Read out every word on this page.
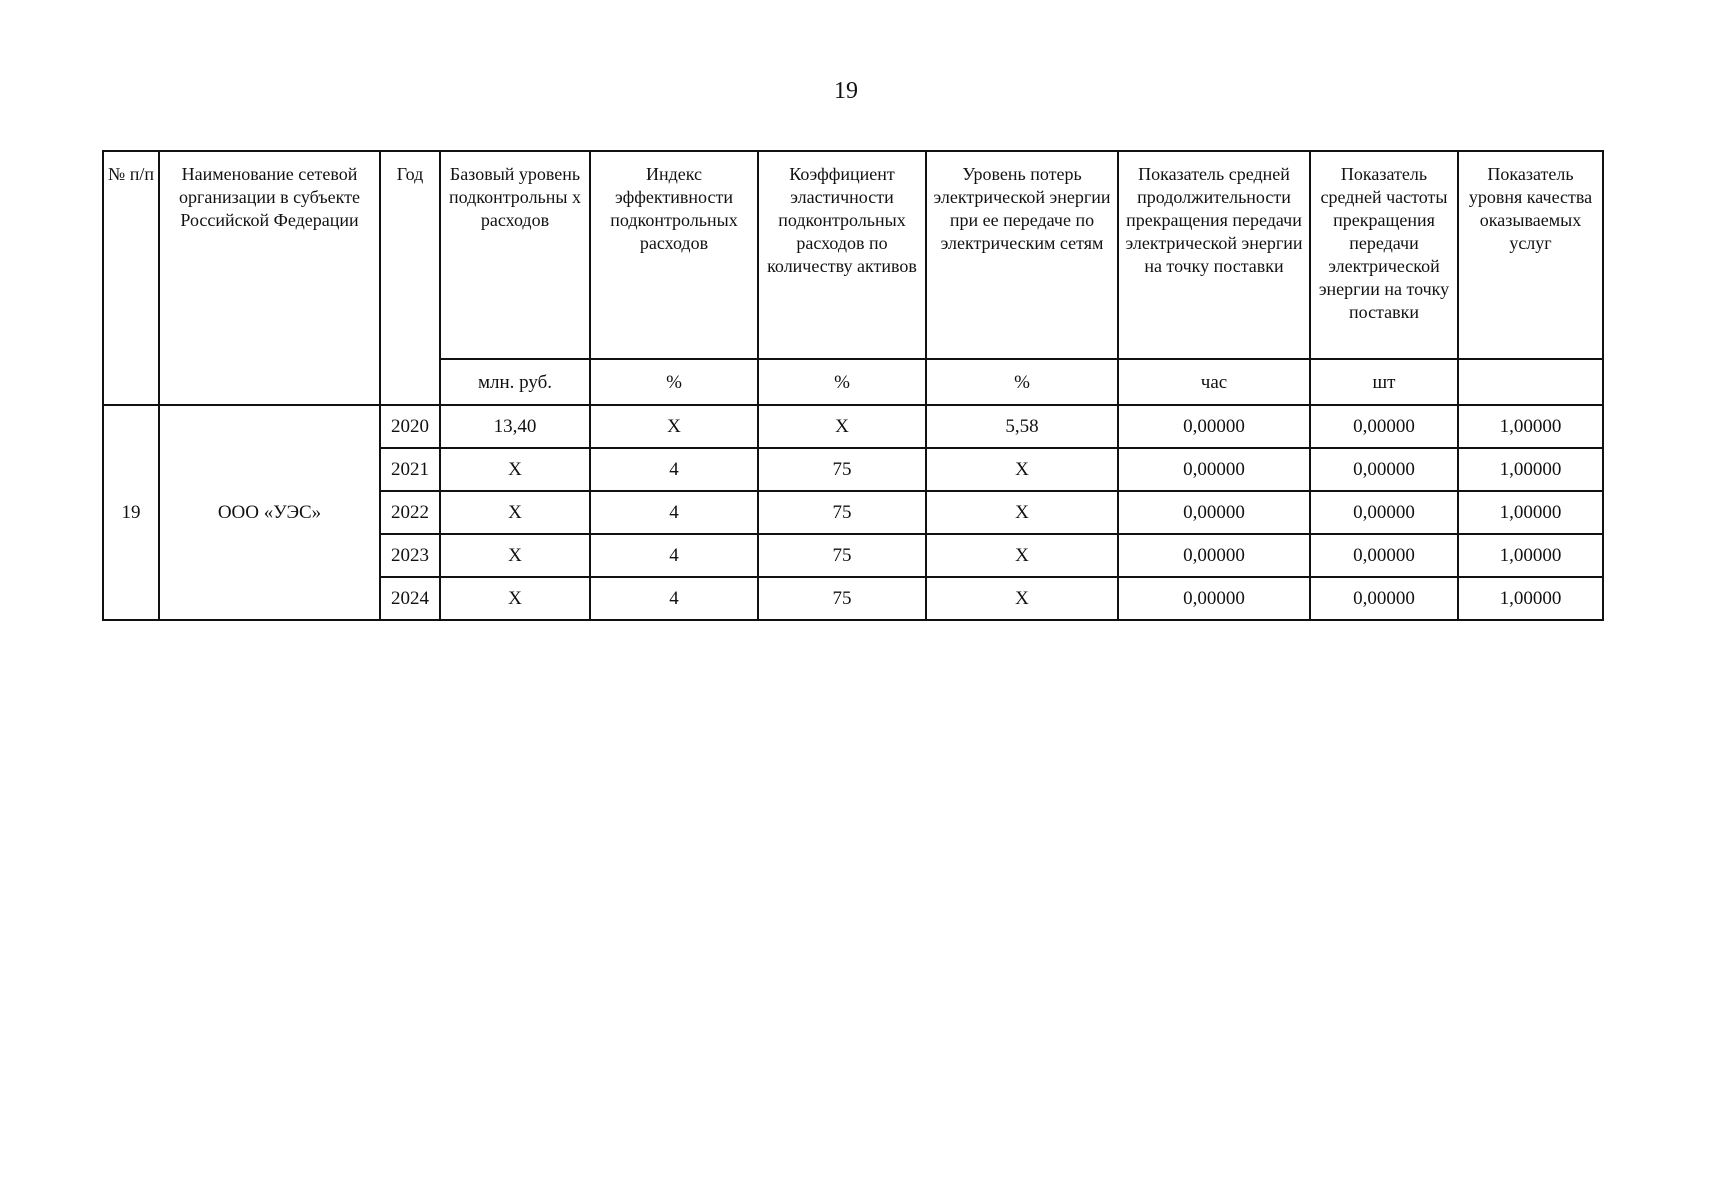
19
№ п/п	Наименование сетевой организации в субъекте Российской Федерации	Год	Базовый уровень подконтрольны х расходов	Индекс эффективности подконтрольных расходов	Коэффициент эластичности подконтрольных расходов по количеству активов	Уровень потерь электрической энергии при ее передаче по электрическим сетям	Показатель средней продолжительности прекращения передачи электрической энергии на точку поставки	Показатель средней частоты прекращения передачи электрической энергии на точку поставки	Показатель уровня качества оказываемых услуг
			млн. руб.	%	%	%	час	шт	
19	ООО «УЭС»	2020	13,40	Х	Х	5,58	0,00000	0,00000	1,00000
		2021	Х	4	75	Х	0,00000	0,00000	1,00000
		2022	Х	4	75	Х	0,00000	0,00000	1,00000
		2023	Х	4	75	Х	0,00000	0,00000	1,00000
		2024	Х	4	75	Х	0,00000	0,00000	1,00000
